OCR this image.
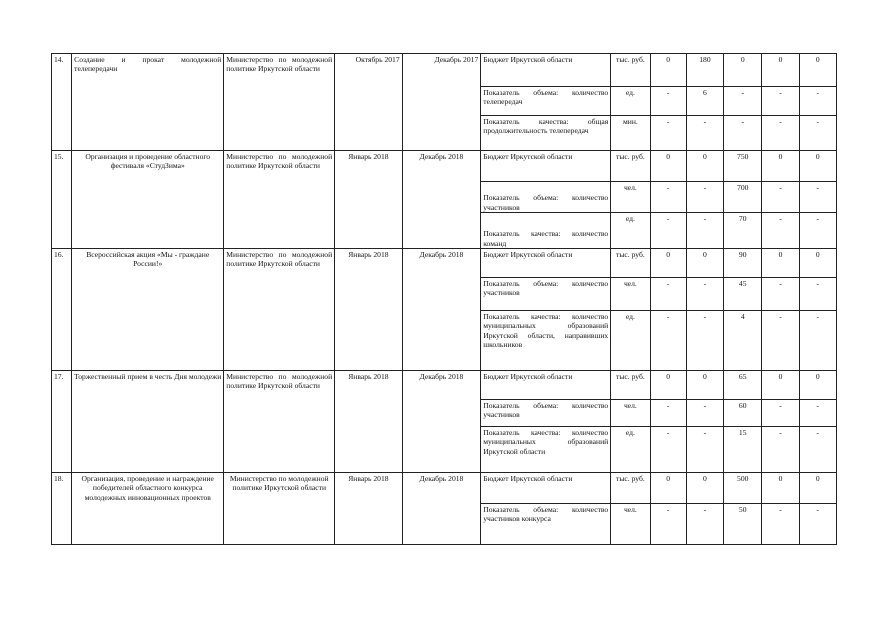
14.	Создание и прокат молодежной телепередачи	Министерство по молодежной политике Иркутской области	Октябрь 2017	Декабрь 2017	Бюджет Иркутской области	тыс. руб.	0	180	0	0	0
					Показатель объема: количество телепередач	ед.	-	6	-	-	-
					Показатель качества: общая продолжительность телепередач	мин.	-	-	-	-	-
15.	Организация и проведение областного фестиваля «СтудЗима»	Министерство по молодежной политике Иркутской области	Январь 2018	Декабрь 2018	Бюджет Иркутской области	тыс. руб.	0	0	750	0	0
					Показатель объема: количество участников	чел.	-	-	700	-	-
					Показатель качества: количество команд	ед.	-	-	70	-	-
16.	Всероссийская акция «Мы - граждане России!»	Министерство по молодежной политике Иркутской области	Январь 2018	Декабрь 2018	Бюджет Иркутской области	тыс. руб.	0	0	90	0	0
					Показатель объема: количество участников	чел.	-	-	45	-	-
					Показатель качества: количество муниципальных образований Иркутской области, направивших школьников	ед.	-	-	4	-	-
17.	Торжественный прием в честь Дня молодежи	Министерство по молодежной политике Иркутской области	Январь 2018	Декабрь 2018	Бюджет Иркутской области	тыс. руб.	0	0	65	0	0
					Показатель объема: количество участников	чел.	-	-	60	-	-
					Показатель качества: количество муниципальных образований Иркутской области	ед.	-	-	15	-	-
18.	Организация, проведение и награждение победителей областного конкурса молодежных инновационных проектов	Министерство по молодежной политике Иркутской области	Январь 2018	Декабрь 2018	Бюджет Иркутской области	тыс. руб.	0	0	500	0	0
					Показатель объема: количество участников конкурса	чел.	-	-	50	-	-
